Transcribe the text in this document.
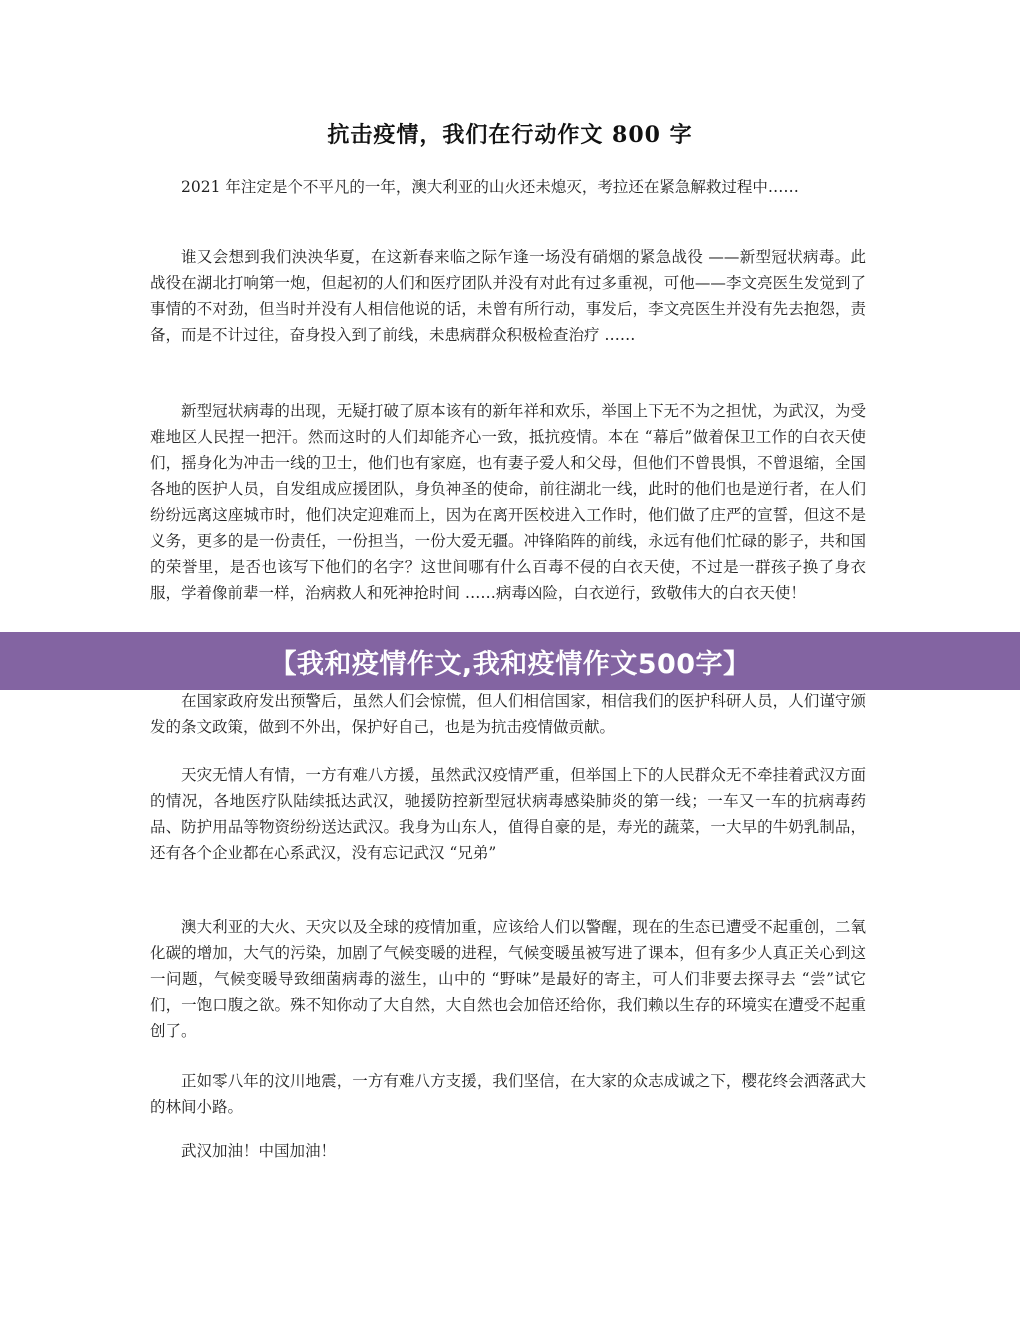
抗击疫情，我们在行动作文 800 字

2021 年注定是个不平凡的一年，澳大利亚的山火还未熄灭，考拉还在紧急解救过程中……

谁又会想到我们泱泱华夏，在这新春来临之际乍逢一场没有硝烟的紧急战役 ——新型冠状病毒。此战役在湖北打响第一炮，但起初的人们和医疗团队并没有对此有过多重视，可他——李文亮医生发觉到了事情的不对劲，但当时并没有人相信他说的话，未曾有所行动，事发后，李文亮医生并没有先去抱怨，责备，而是不计过往，奋身投入到了前线，未患病群众积极检查治疗 ……

新型冠状病毒的出现，无疑打破了原本该有的新年祥和欢乐，举国上下无不为之担忧，为武汉，为受难地区人民捏一把汗。然而这时的人们却能齐心一致，抵抗疫情。本在 “幕后”做着保卫工作的白衣天使们，摇身化为冲击一线的卫士，他们也有家庭，也有妻子爱人和父母，但他们不曾畏惧，不曾退缩，全国各地的医护人员，自发组成应援团队，身负神圣的使命，前往湖北一线，此时的他们也是逆行者，在人们纷纷远离这座城市时，他们决定迎难而上，因为在离开医校进入工作时，他们做了庄严的宣誓，但这不是义务，更多的是一份责任，一份担当，一份大爱无疆。冲锋陷阵的前线，永远有他们忙碌的影子，共和国的荣誉里，是否也该写下他们的名字？这世间哪有什么百毒不侵的白衣天使，不过是一群孩子换了身衣服，学着像前辈一样，治病救人和死神抢时间 ……病毒凶险，白衣逆行，致敬伟大的白衣天使！

在国家政府发出预警后，虽然人们会惊慌，但人们相信国家，相信我们的医护科研人员，人们谨守颁发的条文政策，做到不外出，保护好自己，也是为抗击疫情做贡献。

天灾无情人有情，一方有难八方援，虽然武汉疫情严重，但举国上下的人民群众无不牵挂着武汉方面的情况，各地医疗队陆续抵达武汉，驰援防控新型冠状病毒感染肺炎的第一线；一车又一车的抗病毒药品、防护用品等物资纷纷送达武汉。我身为山东人，值得自豪的是，寿光的蔬菜，一大早的牛奶乳制品，还有各个企业都在心系武汉，没有忘记武汉 “兄弟”

澳大利亚的大火、天灾以及全球的疫情加重，应该给人们以警醒，现在的生态已遭受不起重创，二氧化碳的增加，大气的污染，加剧了气候变暖的进程，气候变暖虽被写进了课本，但有多少人真正关心到这一问题，气候变暖导致细菌病毒的滋生，山中的 “野味”是最好的寄主，可人们非要去探寻去 “尝”试它们，一饱口腹之欲。殊不知你动了大自然，大自然也会加倍还给你，我们赖以生存的环境实在遭受不起重创了。

正如零八年的汶川地震，一方有难八方支援，我们坚信，在大家的众志成诚之下，樱花终会洒落武大的林间小路。

武汉加油！中国加油！

【我和疫情作文,我和疫情作文500字】
